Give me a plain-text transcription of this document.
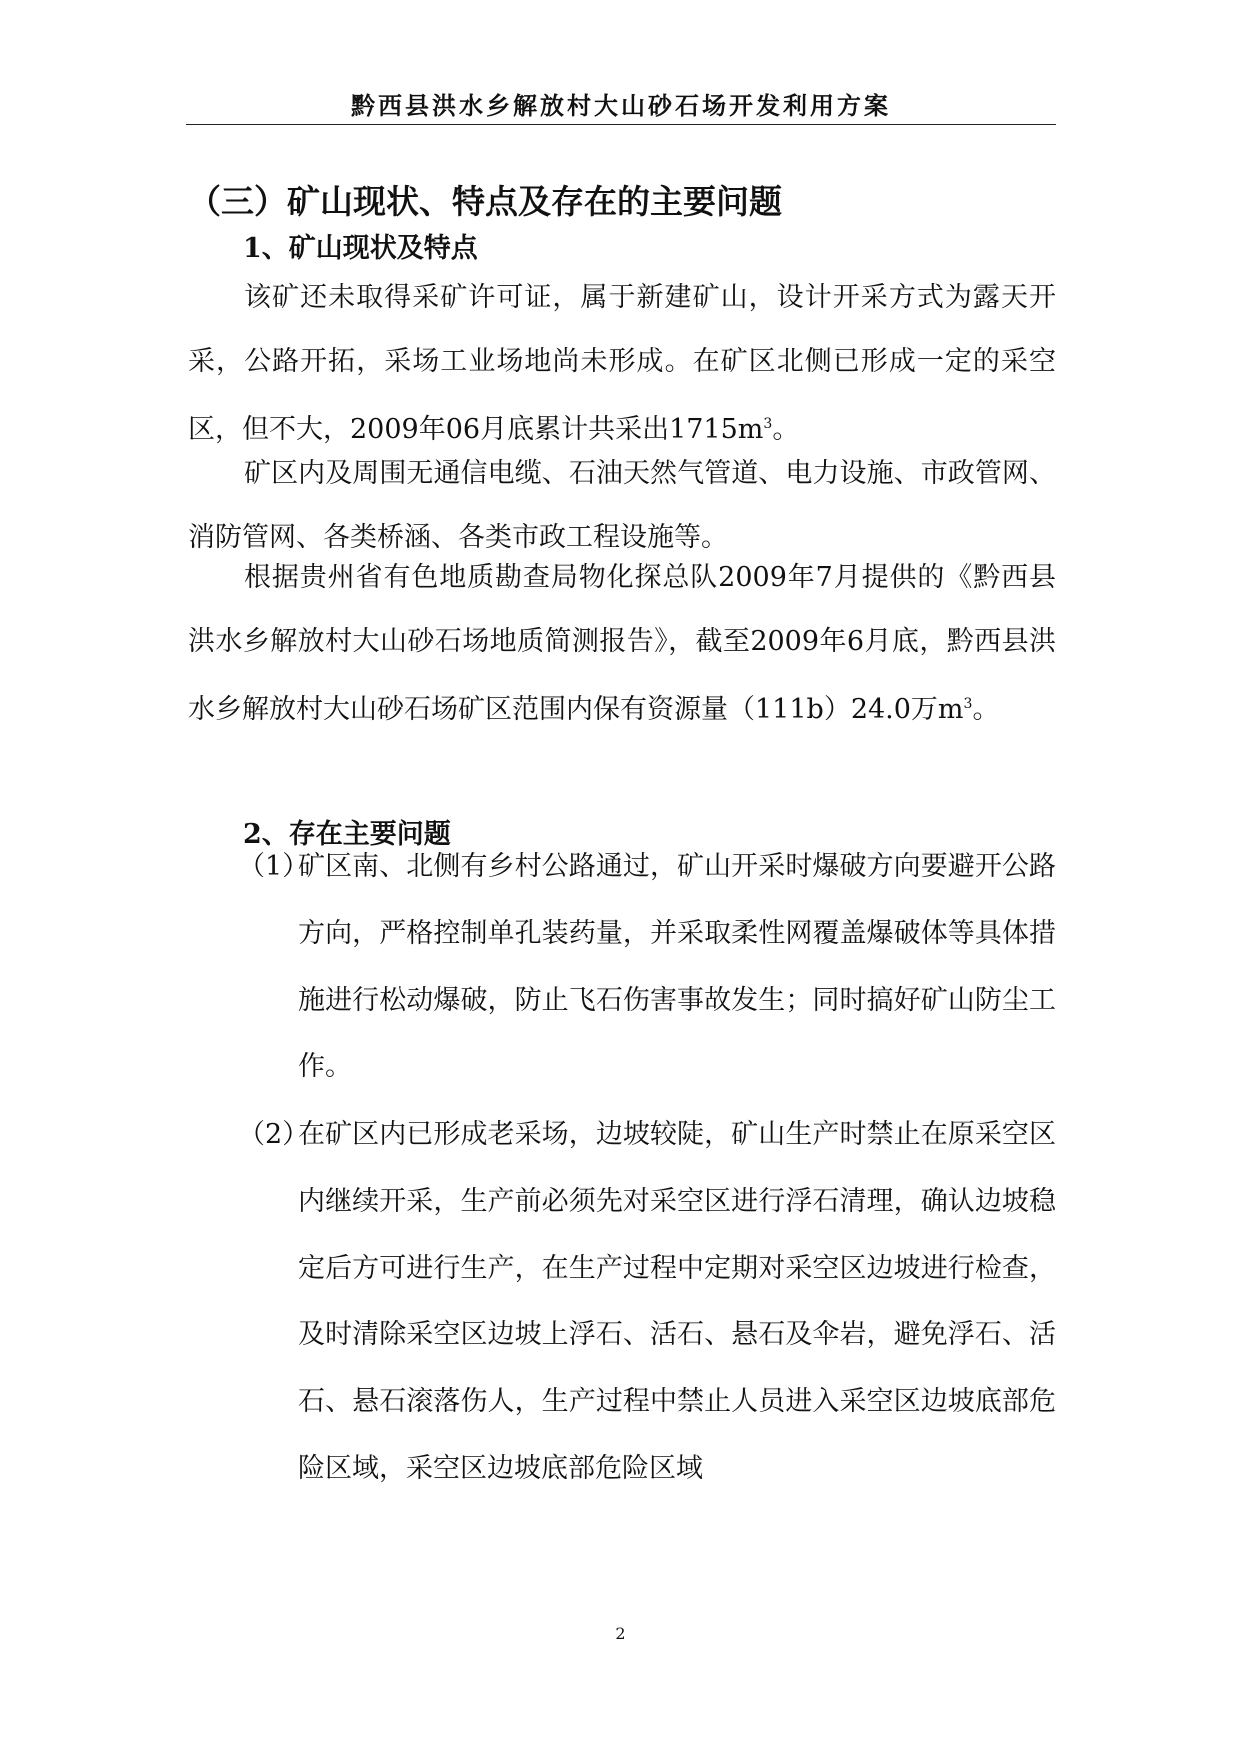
黔西县洪水乡解放村大山砂石场开发利用方案
（三）矿山现状、特点及存在的主要问题
1、矿山现状及特点

该矿还未取得采矿许可证，属于新建矿山，设计开采方式为露天开采，公路开拓，采场工业场地尚未形成。在矿区北侧已形成一定的采空区，但不大，2009年06月底累计共采出$1715m^3$。

矿区内及周围无通信电缆、石油天然气管道、电力设施、市政管网、消防管网、各类桥涵、各类市政工程设施等。

根据贵州省有色地质勘查局物化探总队2009年7月提供的《黔西县洪水乡解放村大山砂石场地质简测报告》，截至2009年6月底，黔西县洪水乡解放村大山砂石场矿区范围内保有资源量（111b）24.0万$m^3$。

2、存在主要问题
（1）
矿区南、北侧有乡村公路通过，矿山开采时爆破方向要避开公路方向，严格控制单孔装药量，并采取柔性网覆盖爆破体等具体措施进行松动爆破，防止飞石伤害事故发生；同时搞好矿山防尘工作。
（2）
在矿区内已形成老采场，边坡较陡，矿山生产时禁止在原采空区内继续开采，生产前必须先对采空区进行浮石清理，确认边坡稳定后方可进行生产，在生产过程中定期对采空区边坡进行检查，及时清除采空区边坡上浮石、活石、悬石及伞岩，避免浮石、活石、悬石滚落伤人，生产过程中禁止人员进入采空区边坡底部危险区域，采空区边坡底部危险区域
2
